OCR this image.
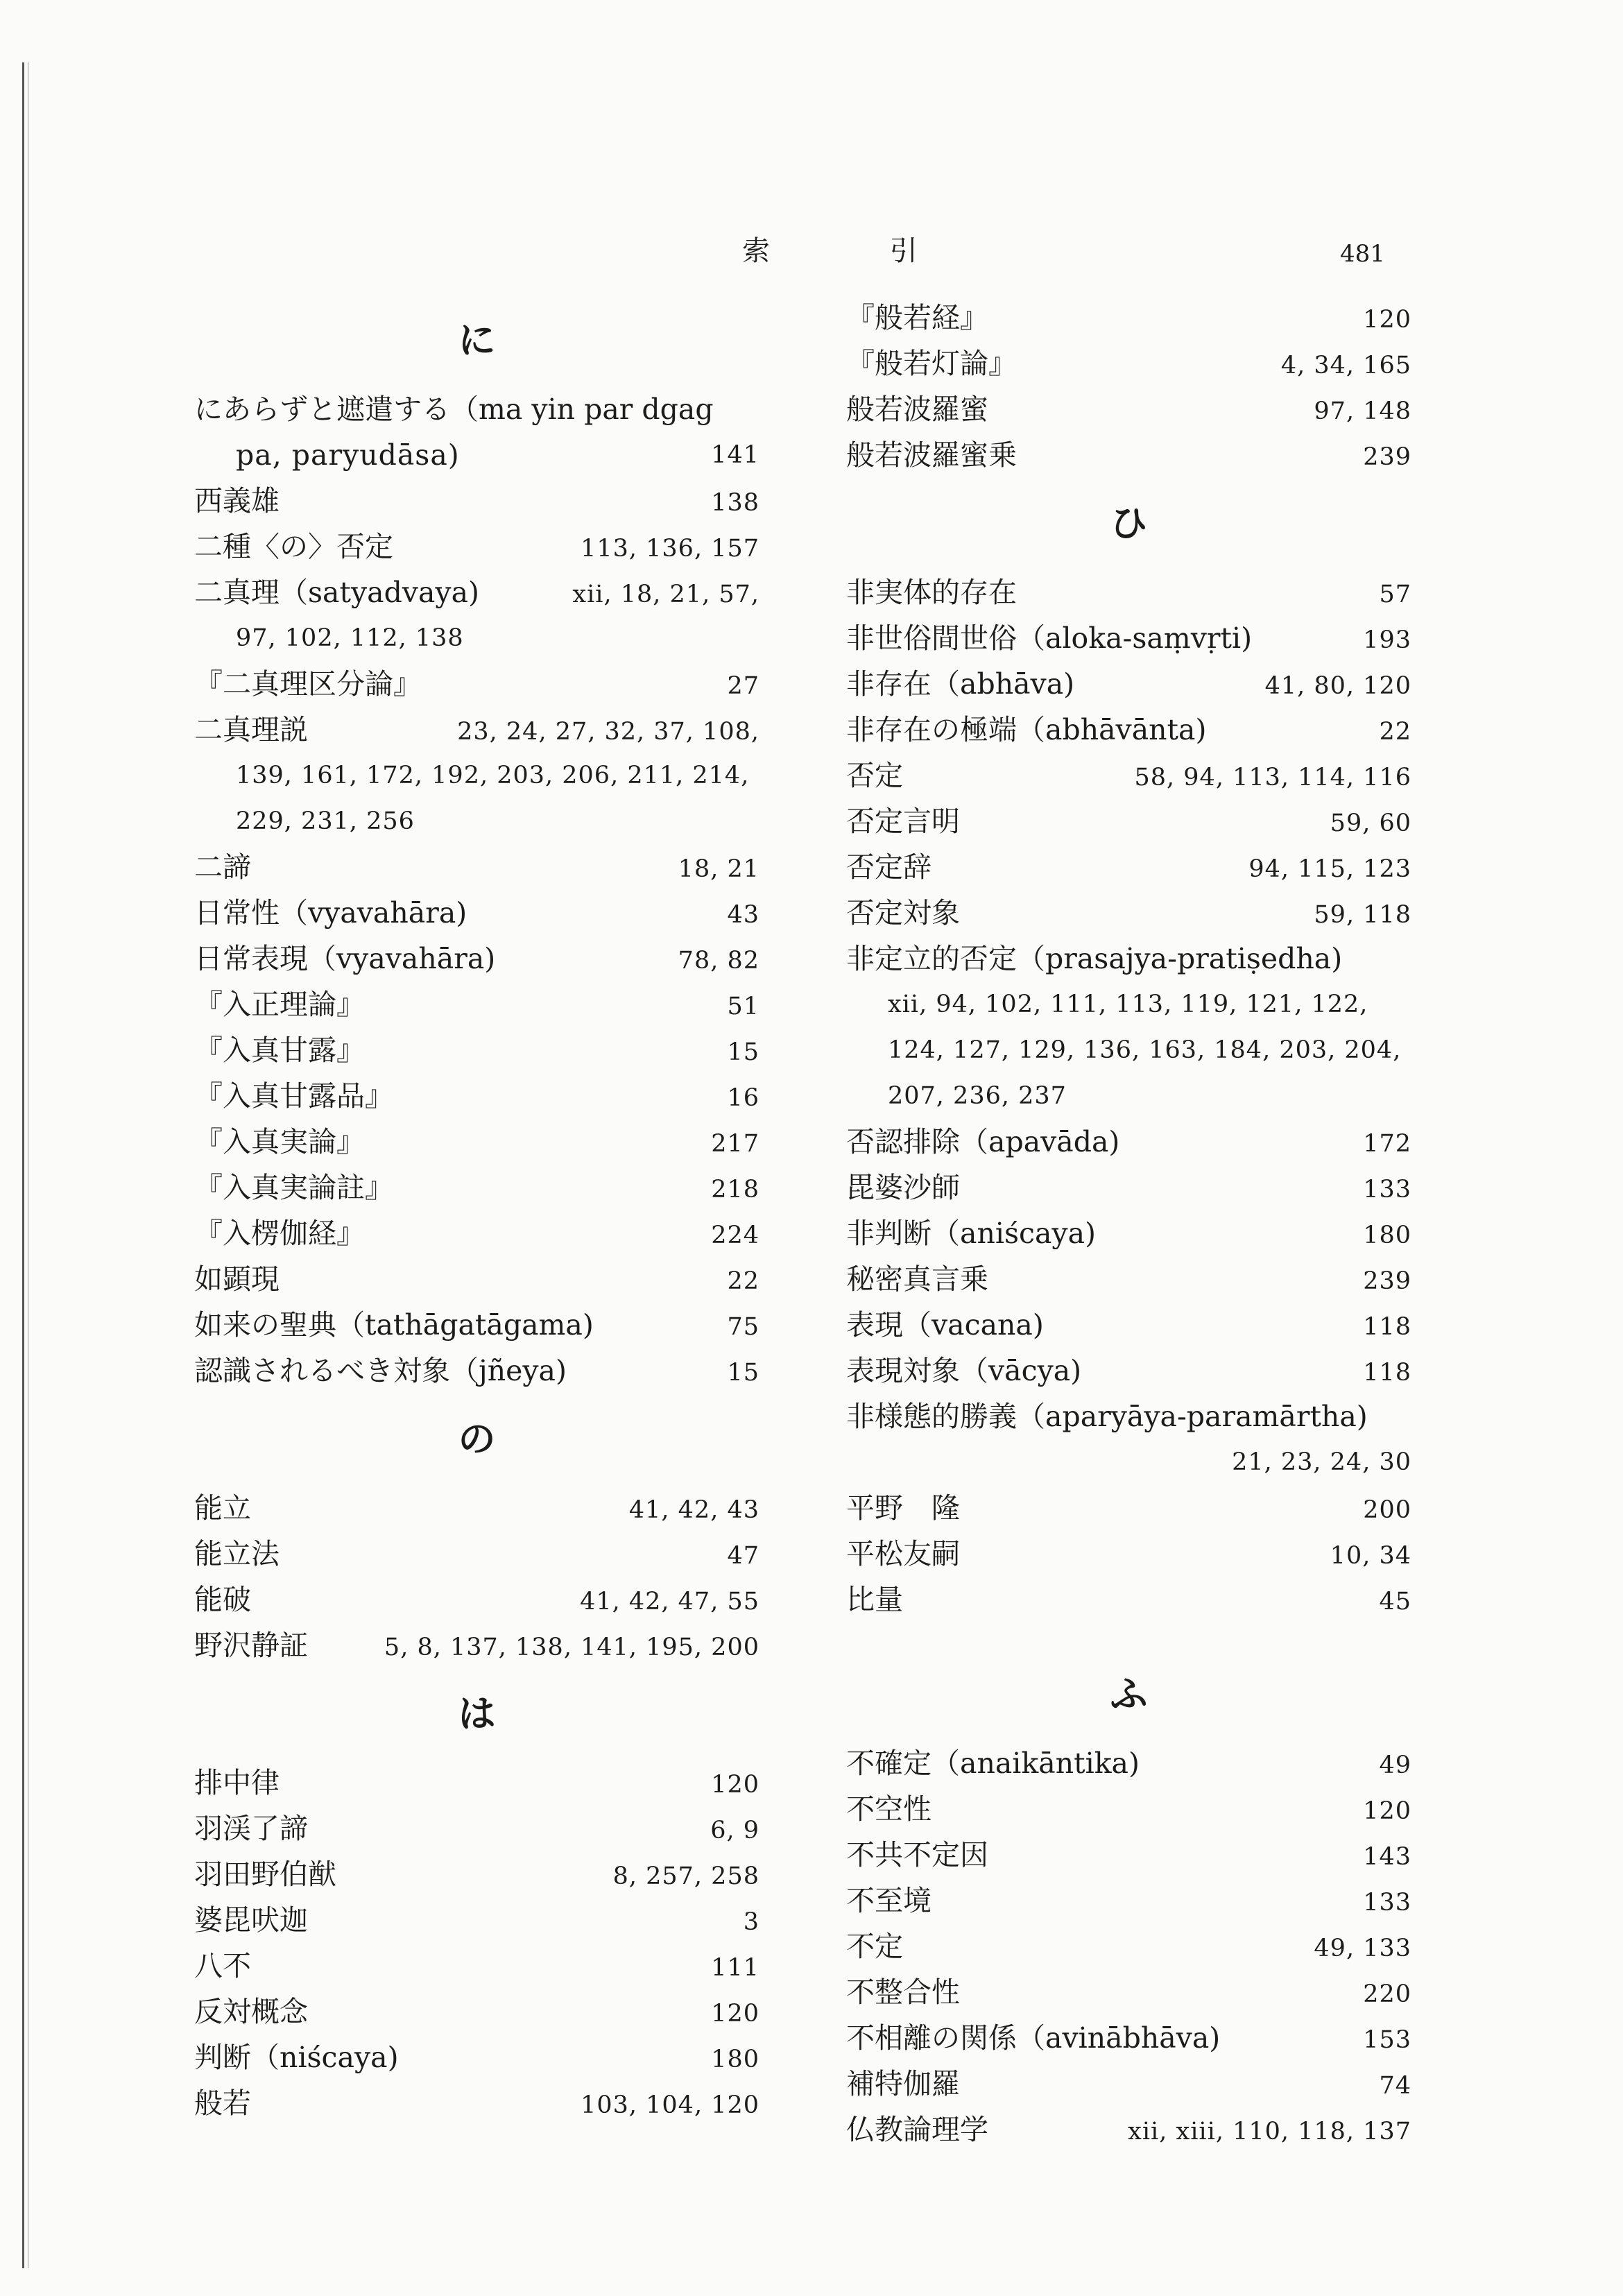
索 引	481
に
にあらずと遮遣する（ma yin par dgag
pa, paryudāsa)	141
西義雄	138
二種〈の〉否定	113, 136, 157
二真理（satyadvaya)	xii, 18, 21, 57,
97, 102, 112, 138
『二真理区分論』	27
二真理説	23, 24, 27, 32, 37, 108,
139, 161, 172, 192, 203, 206, 211, 214,
229, 231, 256
二諦	18, 21
日常性（vyavahāra)	43
日常表現（vyavahāra)	78, 82
『入正理論』	51
『入真甘露』	15
『入真甘露品』	16
『入真実論』	217
『入真実論註』	218
『入楞伽経』	224
如顕現	22
如来の聖典（tathāgatāgama)	75
認識されるべき対象（jñeya)	15
の
能立	41, 42, 43
能立法	47
能破	41, 42, 47, 55
野沢静証	5, 8, 137, 138, 141, 195, 200
は
排中律	120
羽渓了諦	6, 9
羽田野伯猷	8, 257, 258
婆毘吠迦	3
八不	111
反対概念	120
判断（niścaya)	180
般若	103, 104, 120
『般若経』	120
『般若灯論』	4, 34, 165
般若波羅蜜	97, 148
般若波羅蜜乗	239
ひ
非実体的存在	57
非世俗間世俗（aloka-saṃvṛti)	193
非存在（abhāva)	41, 80, 120
非存在の極端（abhāvānta)	22
否定	58, 94, 113, 114, 116
否定言明	59, 60
否定辞	94, 115, 123
否定対象	59, 118
非定立的否定（prasajya-pratiṣedha)
xii, 94, 102, 111, 113, 119, 121, 122,
124, 127, 129, 136, 163, 184, 203, 204,
207, 236, 237
否認排除（apavāda)	172
毘婆沙師	133
非判断（aniścaya)	180
秘密真言乗	239
表現（vacana)	118
表現対象（vācya)	118
非様態的勝義（aparyāya-paramārtha)
21, 23, 24, 30
平野　隆	200
平松友嗣	10, 34
比量	45
ふ
不確定（anaikāntika)	49
不空性	120
不共不定因	143
不至境	133
不定	49, 133
不整合性	220
不相離の関係（avinābhāva)	153
補特伽羅	74
仏教論理学	xii, xiii, 110, 118, 137
